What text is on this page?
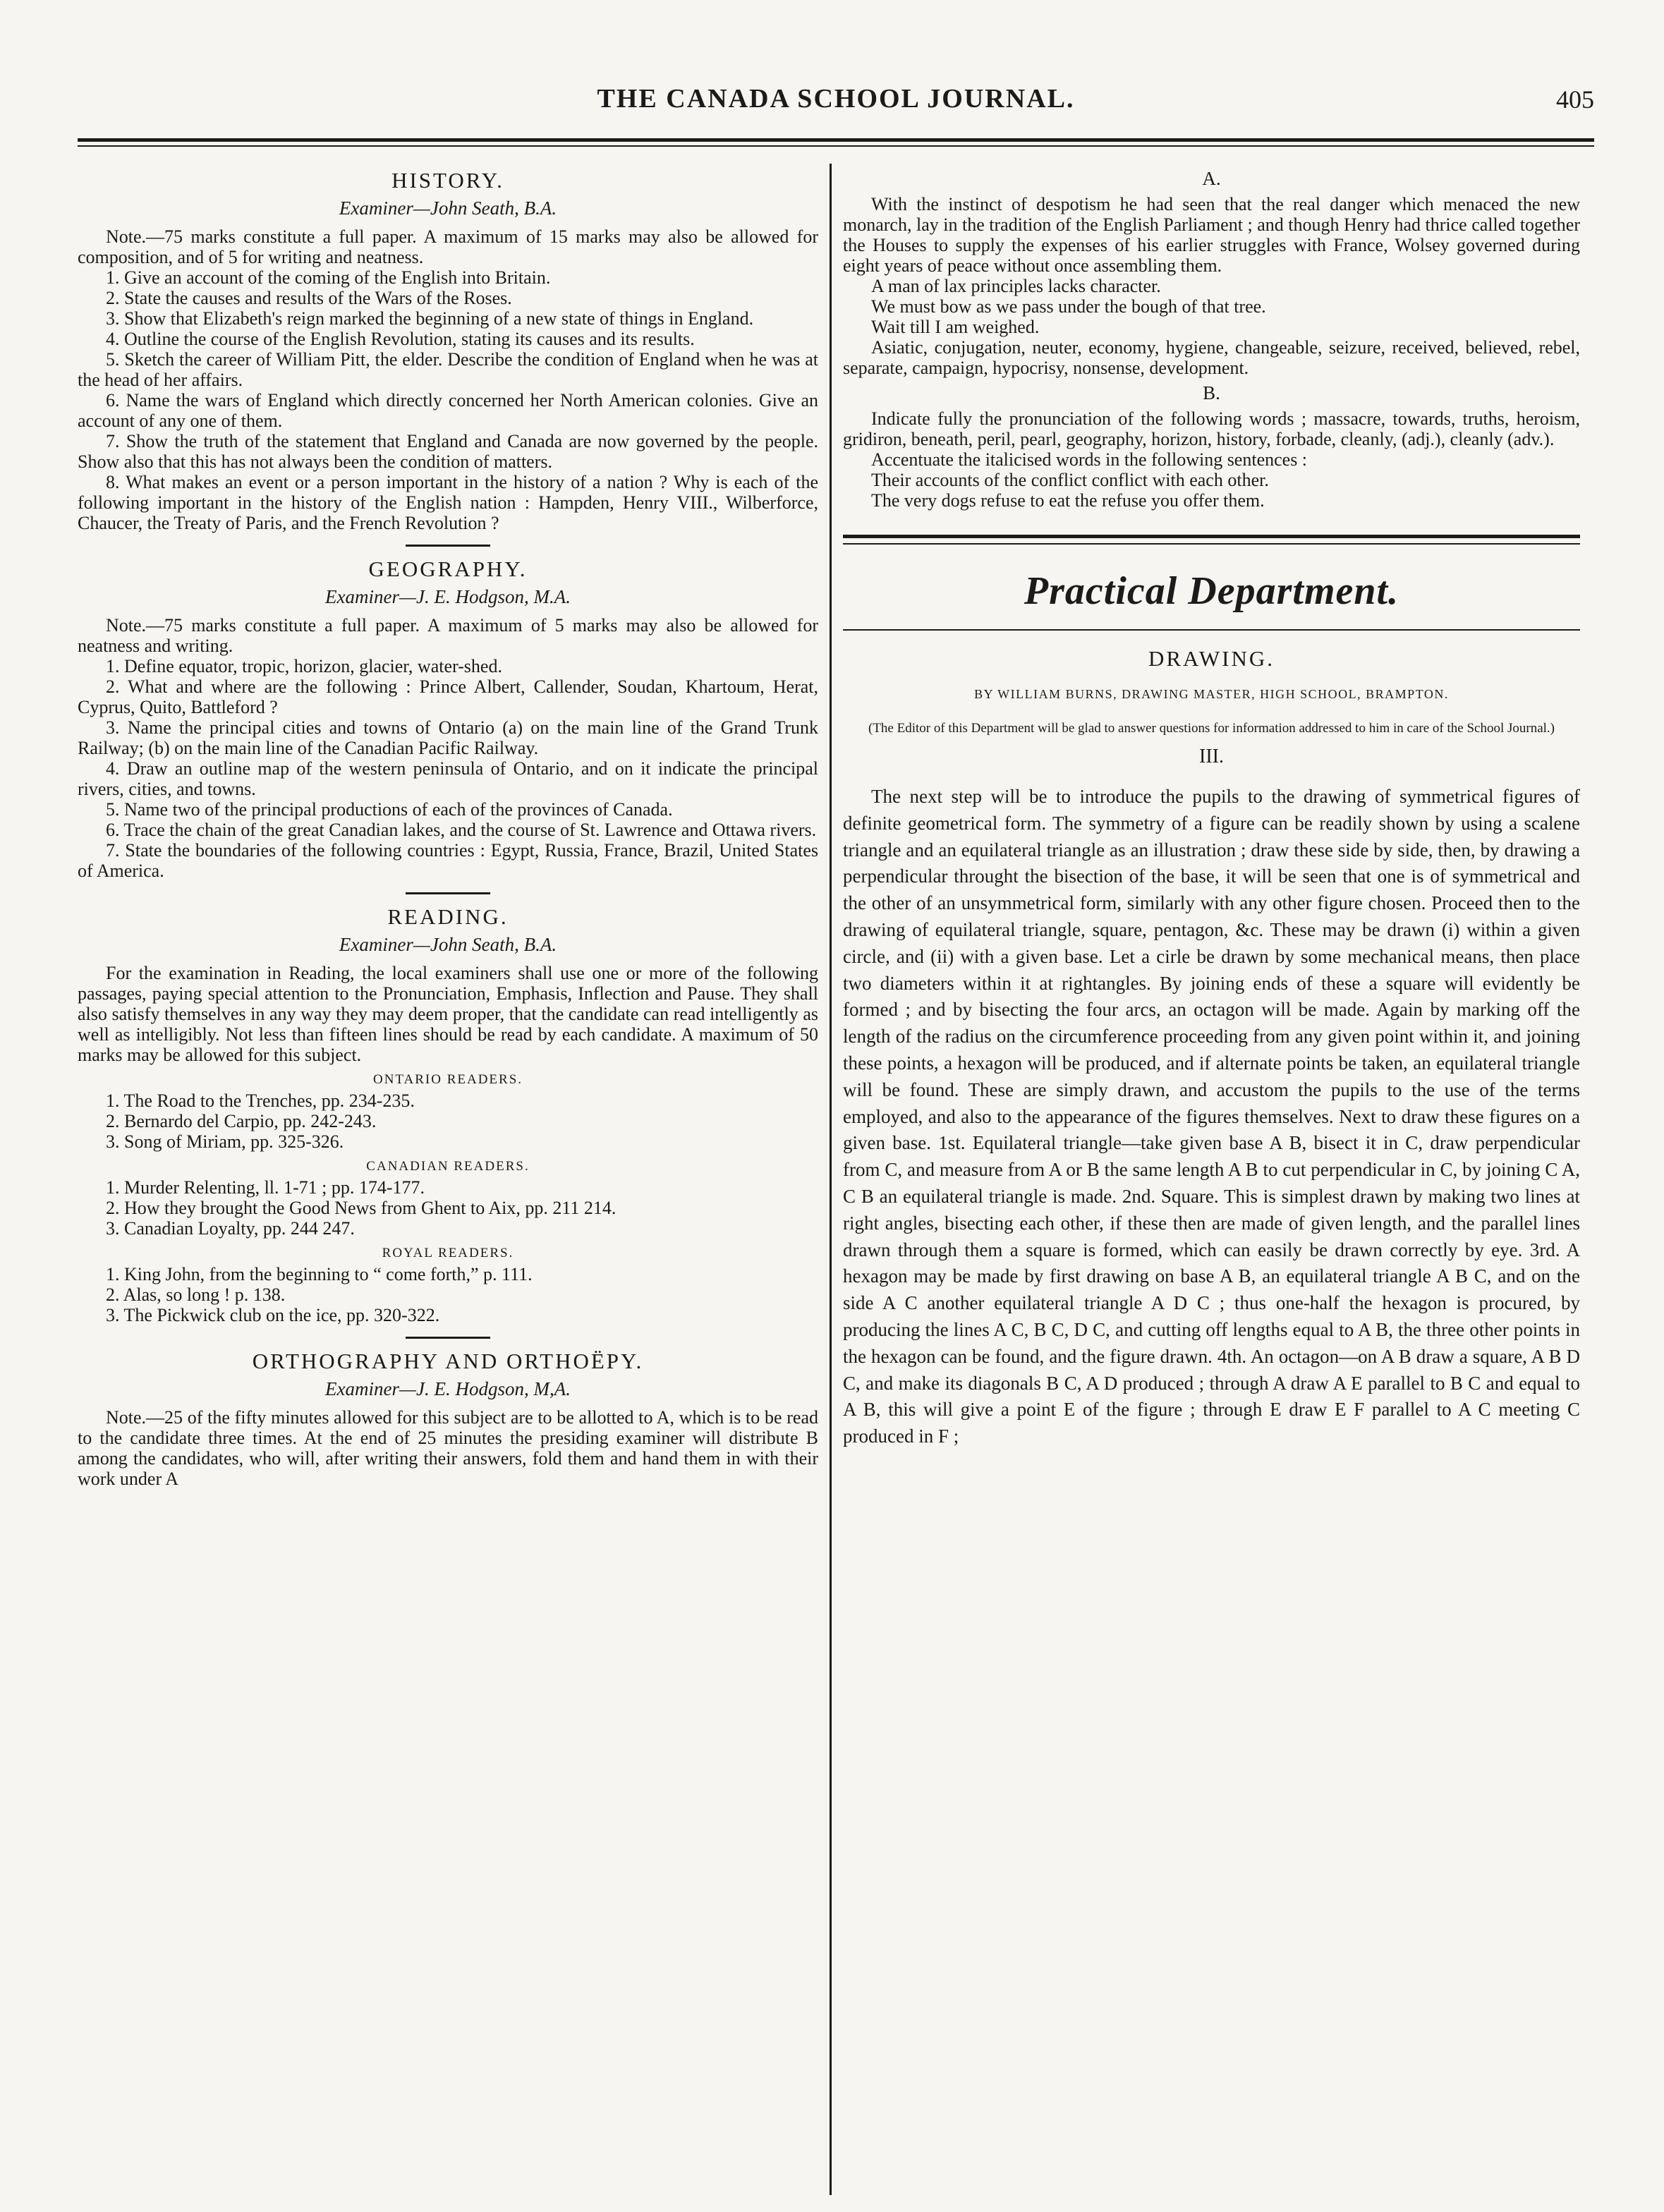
THE CANADA SCHOOL JOURNAL.	405
HISTORY.
Examiner—John Seath, B.A.

Note.—75 marks constitute a full paper. A maximum of 15 marks may also be allowed for composition, and of 5 for writing and neatness.

1. Give an account of the coming of the English into Britain.
2. State the causes and results of the Wars of the Roses.
3. Show that Elizabeth's reign marked the beginning of a new state of things in England.
4. Outline the course of the English Revolution, stating its causes and its results.
5. Sketch the career of William Pitt, the elder. Describe the condition of England when he was at the head of her affairs.
6. Name the wars of England which directly concerned her North American colonies. Give an account of any one of them.
7. Show the truth of the statement that England and Canada are now governed by the people. Show also that this has not always been the condition of matters.
8. What makes an event or a person important in the history of a nation ? Why is each of the following important in the history of the English nation : Hampden, Henry VIII., Wilberforce, Chaucer, the Treaty of Paris, and the French Revolution ?
GEOGRAPHY.
Examiner—J. E. Hodgson, M.A.

Note.—75 marks constitute a full paper. A maximum of 5 marks may also be allowed for neatness and writing.

1. Define equator, tropic, horizon, glacier, water-shed.
2. What and where are the following : Prince Albert, Callender, Soudan, Khartoum, Herat, Cyprus, Quito, Battleford ?
3. Name the principal cities and towns of Ontario (a) on the main line of the Grand Trunk Railway; (b) on the main line of the Canadian Pacific Railway.
4. Draw an outline map of the western peninsula of Ontario, and on it indicate the principal rivers, cities, and towns.
5. Name two of the principal productions of each of the provinces of Canada.
6. Trace the chain of the great Canadian lakes, and the course of St. Lawrence and Ottawa rivers.
7. State the boundaries of the following countries : Egypt, Russia, France, Brazil, United States of America.
READING.
Examiner—John Seath, B.A.

For the examination in Reading, the local examiners shall use one or more of the following passages, paying special attention to the Pronunciation, Emphasis, Inflection and Pause. They shall also satisfy themselves in any way they may deem proper, that the candidate can read intelligently as well as intelligibly. Not less than fifteen lines should be read by each candidate. A maximum of 50 marks may be allowed for this subject.

ONTARIO READERS.
1. The Road to the Trenches, pp. 234-235.
2. Bernardo del Carpio, pp. 242-243.
3. Song of Miriam, pp. 325-326.
CANADIAN READERS.
1. Murder Relenting, ll. 1-71 ; pp. 174-177.
2. How they brought the Good News from Ghent to Aix, pp. 211 214.
3. Canadian Loyalty, pp. 244 247.
ROYAL READERS.
1. King John, from the beginning to “ come forth,” p. 111.
2. Alas, so long ! p. 138.
3. The Pickwick club on the ice, pp. 320-322.
ORTHOGRAPHY AND ORTHOËPY.
Examiner—J. E. Hodgson, M,A.

Note.—25 of the fifty minutes allowed for this subject are to be allotted to A, which is to be read to the candidate three times. At the end of 25 minutes the presiding examiner will distribute B among the candidates, who will, after writing their answers, fold them and hand them in with their work under A

A.

With the instinct of despotism he had seen that the real danger which menaced the new monarch, lay in the tradition of the English Parliament ; and though Henry had thrice called together the Houses to supply the expenses of his earlier struggles with France, Wolsey governed during eight years of peace without once assembling them.

A man of lax principles lacks character.

We must bow as we pass under the bough of that tree.

Wait till I am weighed.

Asiatic, conjugation, neuter, economy, hygiene, changeable, seizure, received, believed, rebel, separate, campaign, hypocrisy, nonsense, development.

B.

Indicate fully the pronunciation of the following words ; massacre, towards, truths, heroism, gridiron, beneath, peril, pearl, geography, horizon, history, forbade, cleanly, (adj.), cleanly (adv.).

Accentuate the italicised words in the following sentences :

Their accounts of the conflict conflict with each other.

The very dogs refuse to eat the refuse you offer them.

Practical Department.
DRAWING.
BY WILLIAM BURNS, DRAWING MASTER, HIGH SCHOOL, BRAMPTON.

(The Editor of this Department will be glad to answer questions for information addressed to him in care of the School Journal.)

III.

The next step will be to introduce the pupils to the drawing of symmetrical figures of definite geometrical form. The symmetry of a figure can be readily shown by using a scalene triangle and an equilateral triangle as an illustration ; draw these side by side, then, by drawing a perpendicular throught the bisection of the base, it will be seen that one is of symmetrical and the other of an unsymmetrical form, similarly with any other figure chosen. Proceed then to the drawing of equilateral triangle, square, pentagon, &c. These may be drawn (i) within a given circle, and (ii) with a given base. Let a cirle be drawn by some mechanical means, then place two diameters within it at rightangles. By joining ends of these a square will evidently be formed ; and by bisecting the four arcs, an octagon will be made. Again by marking off the length of the radius on the circumference proceeding from any given point within it, and joining these points, a hexagon will be produced, and if alternate points be taken, an equilateral triangle will be found. These are simply drawn, and accustom the pupils to the use of the terms employed, and also to the appearance of the figures themselves. Next to draw these figures on a given base. 1st. Equilateral triangle—take given base A B, bisect it in C, draw perpendicular from C, and measure from A or B the same length A B to cut perpendicular in C, by joining C A, C B an equilateral triangle is made. 2nd. Square. This is simplest drawn by making two lines at right angles, bisecting each other, if these then are made of given length, and the parallel lines drawn through them a square is formed, which can easily be drawn correctly by eye. 3rd. A hexagon may be made by first drawing on base A B, an equilateral triangle A B C, and on the side A C another equilateral triangle A D C ; thus one-half the hexagon is procured, by producing the lines A C, B C, D C, and cutting off lengths equal to A B, the three other points in the hexagon can be found, and the figure drawn. 4th. An octagon—on A B draw a square, A B D C, and make its diagonals B C, A D produced ; through A draw A E parallel to B C and equal to A B, this will give a point E of the figure ; through E draw E F parallel to A C meeting C produced in F ;
